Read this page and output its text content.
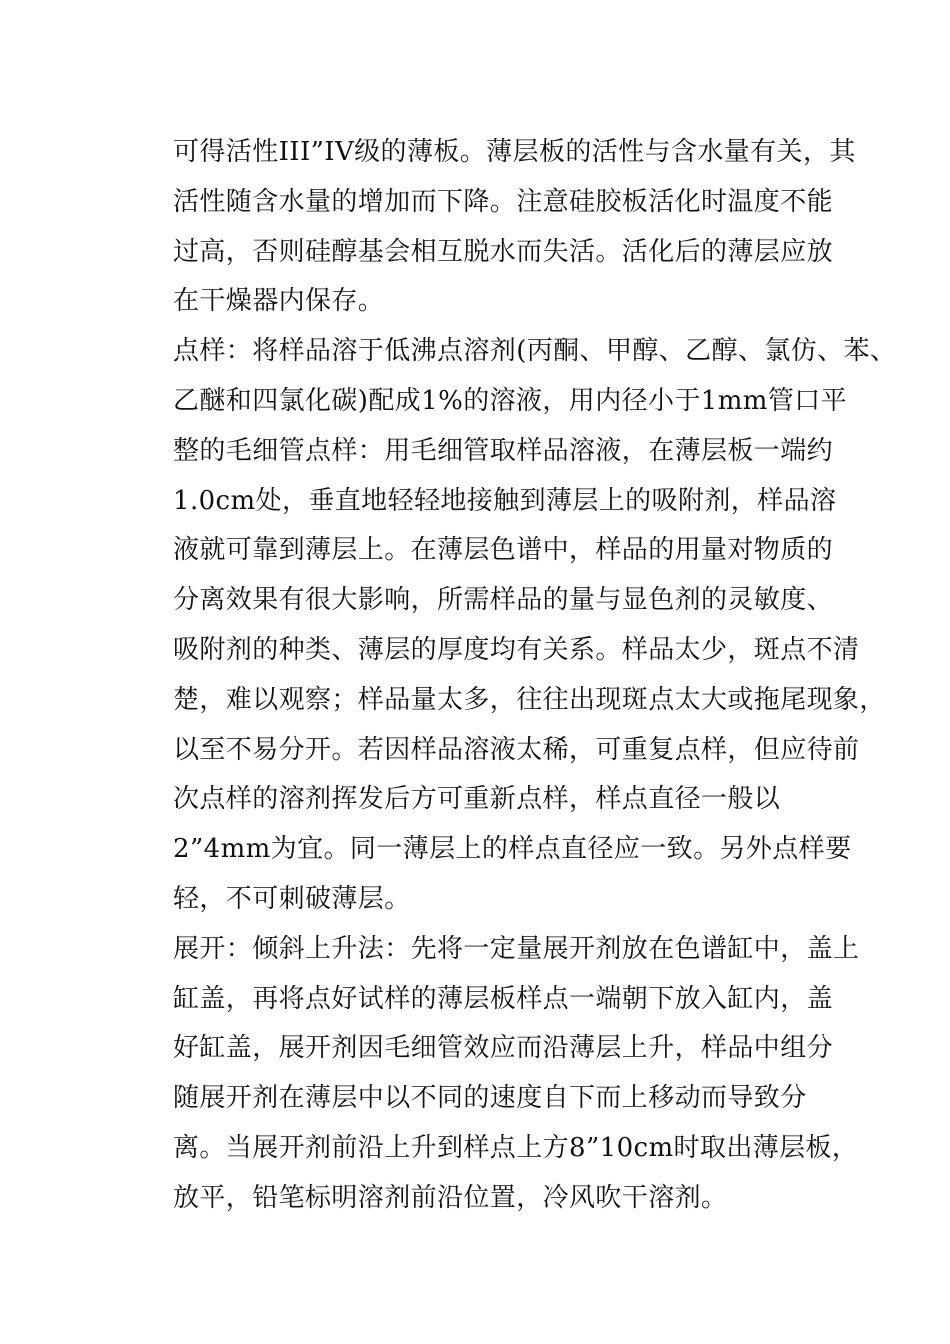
可得活性III”IV级的薄板。薄层板的活性与含水量有关，其
活性随含水量的增加而下降。注意硅胶板活化时温度不能
过高，否则硅醇基会相互脱水而失活。活化后的薄层应放
在干燥器内保存。
点样：将样品溶于低沸点溶剂(丙酮、甲醇、乙醇、氯仿、苯、
乙醚和四氯化碳)配成1%的溶液，用内径小于1mm管口平
整的毛细管点样：用毛细管取样品溶液，在薄层板一端约
1.0cm处，垂直地轻轻地接触到薄层上的吸附剂，样品溶
液就可靠到薄层上。在薄层色谱中，样品的用量对物质的
分离效果有很大影响，所需样品的量与显色剂的灵敏度、
吸附剂的种类、薄层的厚度均有关系。样品太少，斑点不清
楚，难以观察；样品量太多，往往出现斑点太大或拖尾现象，
以至不易分开。若因样品溶液太稀，可重复点样，但应待前
次点样的溶剂挥发后方可重新点样，样点直径一般以
2”4mm为宜。同一薄层上的样点直径应一致。另外点样要
轻，不可刺破薄层。
展开：倾斜上升法：先将一定量展开剂放在色谱缸中，盖上
缸盖，再将点好试样的薄层板样点一端朝下放入缸内，盖
好缸盖，展开剂因毛细管效应而沿薄层上升，样品中组分
随展开剂在薄层中以不同的速度自下而上移动而导致分
离。当展开剂前沿上升到样点上方8”10cm时取出薄层板，
放平，铅笔标明溶剂前沿位置，冷风吹干溶剂。
